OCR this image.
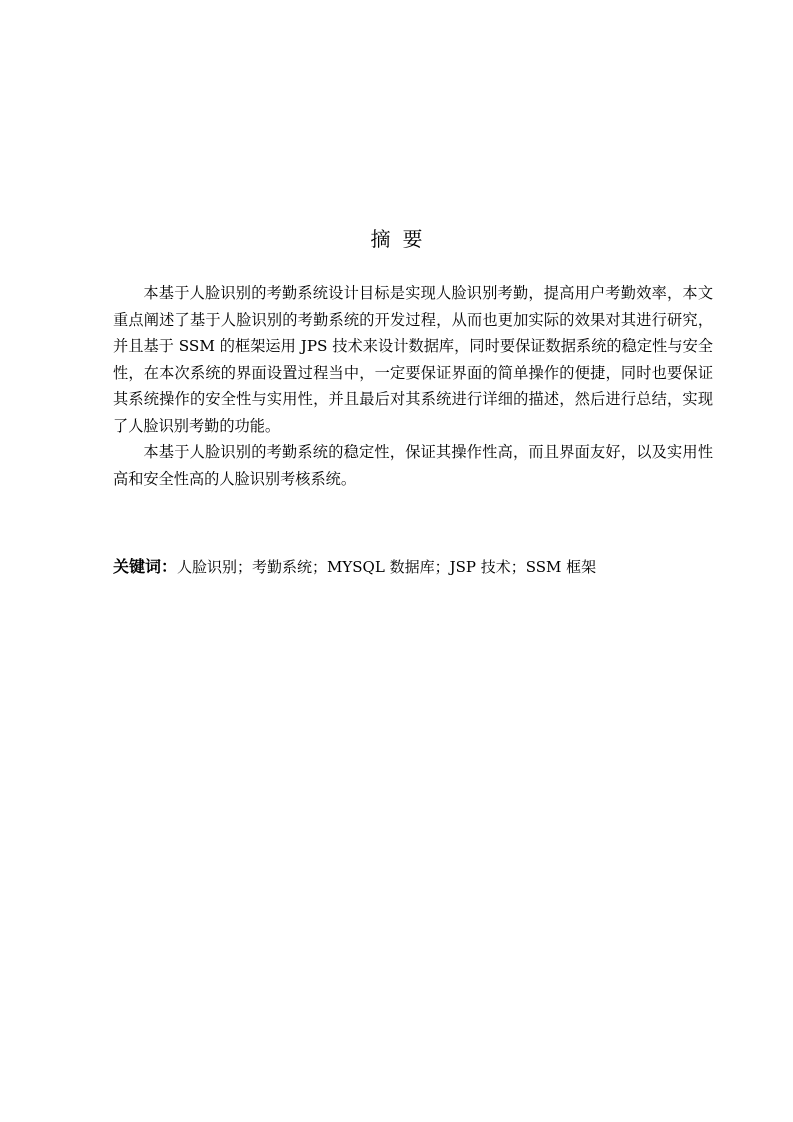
摘要

本基于人脸识别的考勤系统设计目标是实现人脸识别考勤，提高用户考勤效率，本文重点阐述了基于人脸识别的考勤系统的开发过程，从而也更加实际的效果对其进行研究，并且基于 SSM 的框架运用 JPS 技术来设计数据库，同时要保证数据系统的稳定性与安全性，在本次系统的界面设置过程当中，一定要保证界面的简单操作的便捷，同时也要保证其系统操作的安全性与实用性，并且最后对其系统进行详细的描述，然后进行总结，实现了人脸识别考勤的功能。

本基于人脸识别的考勤系统的稳定性，保证其操作性高，而且界面友好，以及实用性高和安全性高的人脸识别考核系统。

关键词：人脸识别；考勤系统；MYSQL 数据库；JSP 技术；SSM 框架
